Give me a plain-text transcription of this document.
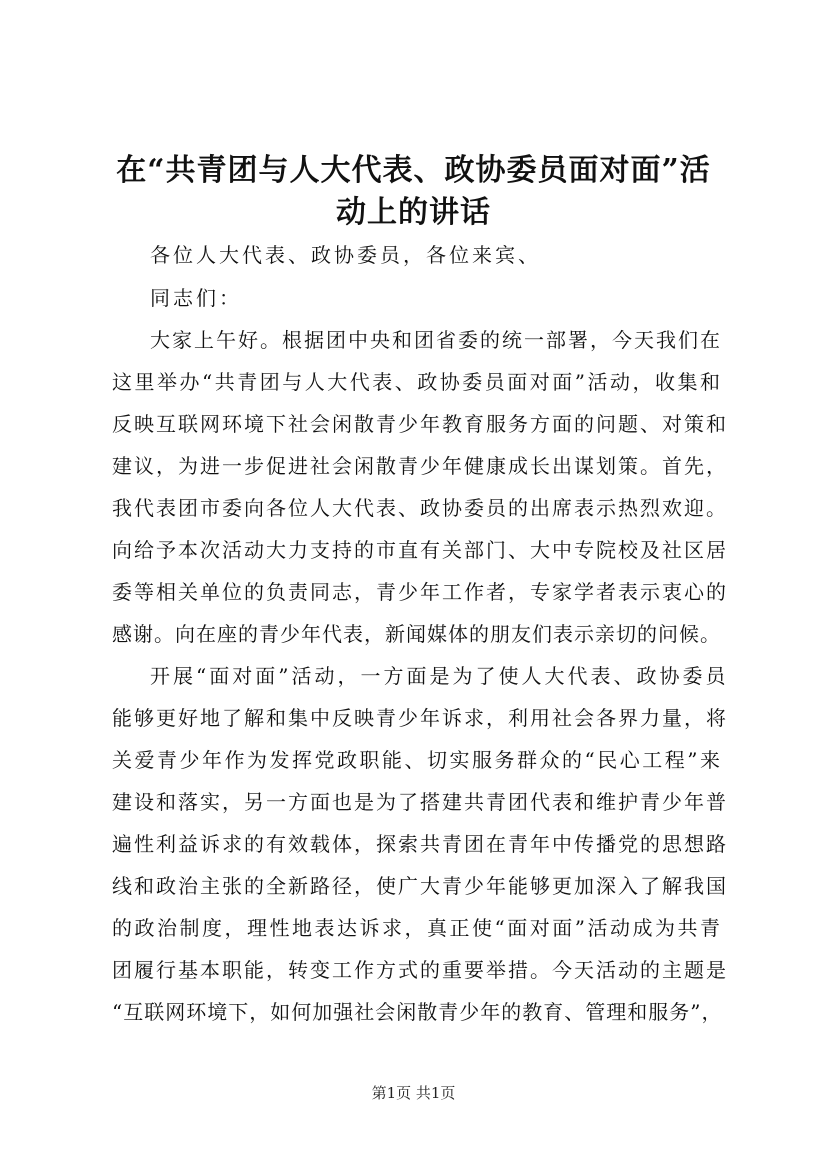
在“共青团与人大代表、政协委员面对面”活
动上的讲话
各位人大代表、政协委员，各位来宾、
同志们：
大家上午好。根据团中央和团省委的统一部署，今天我们在
这里举办“共青团与人大代表、政协委员面对面”活动，收集和
反映互联网环境下社会闲散青少年教育服务方面的问题、对策和
建议，为进一步促进社会闲散青少年健康成长出谋划策。首先，
我代表团市委向各位人大代表、政协委员的出席表示热烈欢迎。
向给予本次活动大力支持的市直有关部门、大中专院校及社区居
委等相关单位的负责同志，青少年工作者，专家学者表示衷心的
感谢。向在座的青少年代表，新闻媒体的朋友们表示亲切的问候。
开展“面对面”活动，一方面是为了使人大代表、政协委员
能够更好地了解和集中反映青少年诉求，利用社会各界力量，将
关爱青少年作为发挥党政职能、切实服务群众的“民心工程”来
建设和落实，另一方面也是为了搭建共青团代表和维护青少年普
遍性利益诉求的有效载体，探索共青团在青年中传播党的思想路
线和政治主张的全新路径，使广大青少年能够更加深入了解我国
的政治制度，理性地表达诉求，真正使“面对面”活动成为共青
团履行基本职能，转变工作方式的重要举措。今天活动的主题是
“互联网环境下，如何加强社会闲散青少年的教育、管理和服务”，
第1页 共1页
